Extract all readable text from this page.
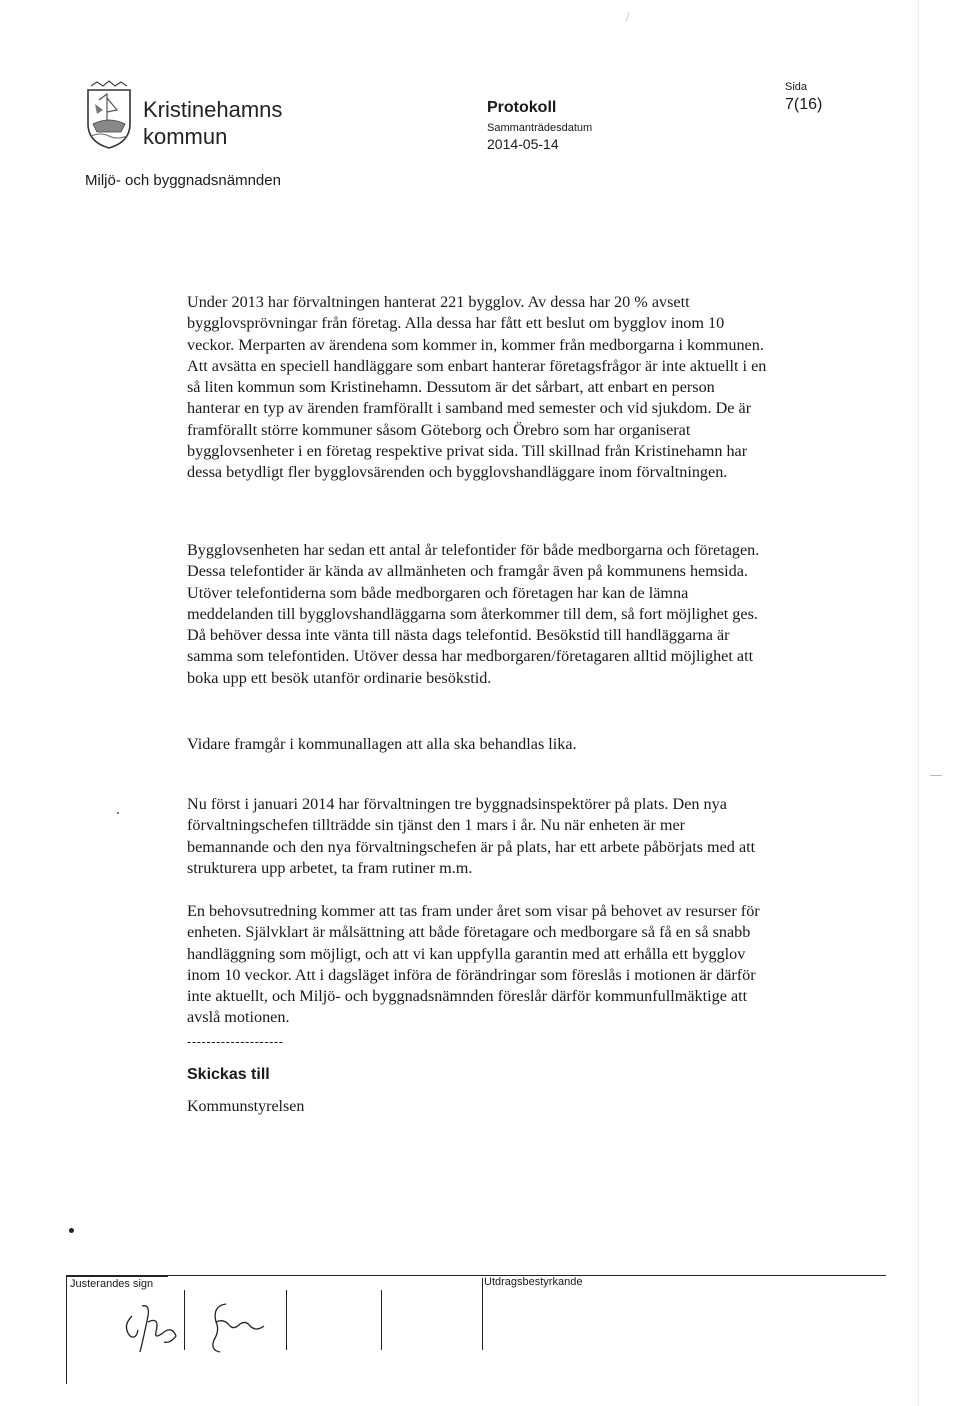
Kristinehamns
kommun
Protokoll
Sammanträdesdatum
2014-05-14
Sida
7(16)
Miljö- och byggnadsnämnden

Under 2013 har förvaltningen hanterat 221 bygglov. Av dessa har 20 % avsett bygglovsprövningar från företag. Alla dessa har fått ett beslut om bygglov inom 10 veckor. Merparten av ärendena som kommer in, kommer från medborgarna i kommunen. Att avsätta en speciell handläggare som enbart hanterar företagsfrågor är inte aktuellt i en så liten kommun som Kristinehamn. Dessutom är det sårbart, att enbart en person hanterar en typ av ärenden framförallt i samband med semester och vid sjukdom. De är framförallt större kommuner såsom Göteborg och Örebro som har organiserat bygglovsenheter i en företag respektive privat sida. Till skillnad från Kristinehamn har dessa betydligt fler bygglovsärenden och bygglovshandläggare inom förvaltningen.

Bygglovsenheten har sedan ett antal år telefontider för både medborgarna och företagen. Dessa telefontider är kända av allmänheten och framgår även på kommunens hemsida. Utöver telefontiderna som både medborgaren och företagen har kan de lämna meddelanden till bygglovshandläggarna som återkommer till dem, så fort möjlighet ges. Då behöver dessa inte vänta till nästa dags telefontid. Besökstid till handläggarna är samma som telefontiden. Utöver dessa har medborgaren/företagaren alltid möjlighet att boka upp ett besök utanför ordinarie besökstid.

Vidare framgår i kommunallagen att alla ska behandlas lika.

Nu först i januari 2014 har förvaltningen tre byggnadsinspektörer på plats. Den nya förvaltningschefen tillträdde sin tjänst den 1 mars i år. Nu när enheten är mer bemannande och den nya förvaltningschefen är på plats, har ett arbete påbörjats med att strukturera upp arbetet, ta fram rutiner m.m.

En behovsutredning kommer att tas fram under året som visar på behovet av resurser för enheten. Självklart är målsättning att både företagare och medborgare så få en så snabb handläggning som möjligt, och att vi kan uppfylla garantin med att erhålla ett bygglov inom 10 veckor. Att i dagsläget införa de förändringar som föreslås i motionen är därför inte aktuellt, och Miljö- och byggnadsnämnden föreslår därför kommunfullmäktige att avslå motionen.

--------------------
Skickas till
Kommunstyrelsen
Justerandes sign	Utdragsbestyrkande
